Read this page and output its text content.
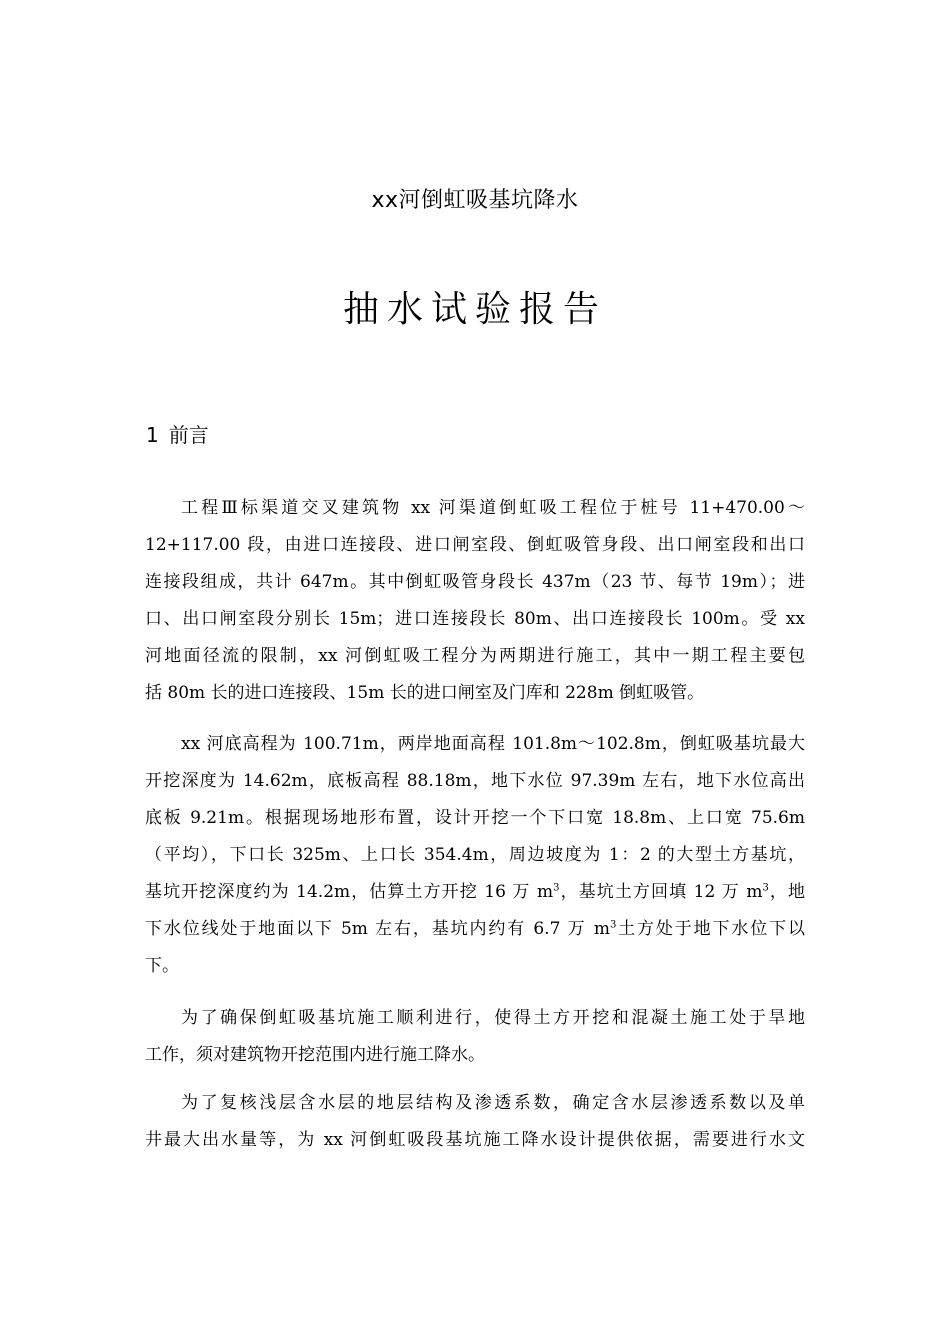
xx河倒虹吸基坑降水
抽水试验报告
1 前言
工程Ⅲ标渠道交叉建筑物 xx 河渠道倒虹吸工程位于桩号 11+470.00～
12+117.00 段，由进口连接段、进口闸室段、倒虹吸管身段、出口闸室段和出口
连接段组成，共计 647m。其中倒虹吸管身段长 437m（23 节、每节 19m）；进
口、出口闸室段分别长 15m；进口连接段长 80m、出口连接段长 100m。受 xx
河地面径流的限制，xx 河倒虹吸工程分为两期进行施工，其中一期工程主要包
括 80m 长的进口连接段、15m 长的进口闸室及门库和 228m 倒虹吸管。
xx 河底高程为 100.71m，两岸地面高程 101.8m～102.8m，倒虹吸基坑最大
开挖深度为 14.62m，底板高程 88.18m，地下水位 97.39m 左右，地下水位高出
底板 9.21m。根据现场地形布置，设计开挖一个下口宽 18.8m、上口宽 75.6m
（平均），下口长 325m、上口长 354.4m，周边坡度为 1：2 的大型土方基坑，
基坑开挖深度约为 14.2m，估算土方开挖 16 万 $m^3$，基坑土方回填 12 万 $m^3$，地
下水位线处于地面以下 5m 左右，基坑内约有 6.7 万 $m^3$土方处于地下水位下以
下。
为了确保倒虹吸基坑施工顺利进行，使得土方开挖和混凝土施工处于旱地
工作，须对建筑物开挖范围内进行施工降水。
为了复核浅层含水层的地层结构及渗透系数，确定含水层渗透系数以及单
井最大出水量等，为 xx 河倒虹吸段基坑施工降水设计提供依据，需要进行水文
